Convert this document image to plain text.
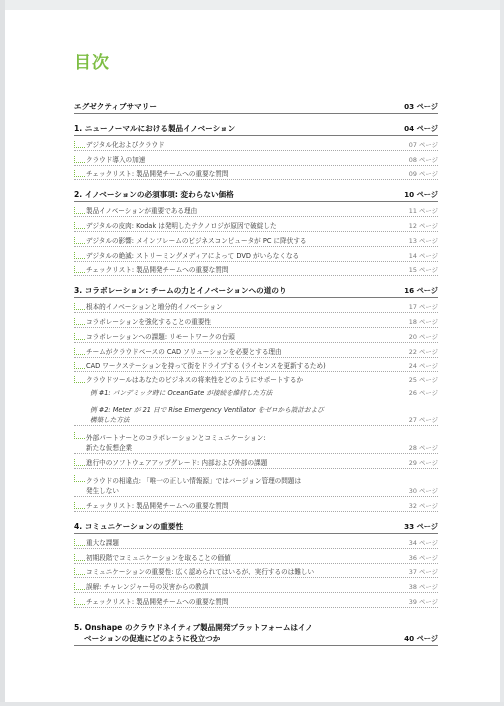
目次
エグゼクティブサマリー	03 ページ
1. ニューノーマルにおける製品イノベーション	04 ページ
デジタル化およびクラウド	07 ページ
クラウド導入の加速	08 ページ
チェックリスト: 製品開発チームへの重要な質問	09 ページ
2. イノベーションの必須事項: 変わらない価格	10 ページ
製品イノベーションが重要である理由	11 ページ
デジタルの皮肉: Kodak は発明したテクノロジが原因で破綻した	12 ページ
デジタルの影響: メインフレームのビジネスコンピュータが PC に降伏する	13 ページ
デジタルの絶滅: ストリーミングメディアによって DVD がいらなくなる	14 ページ
チェックリスト: 製品開発チームへの重要な質問	15 ページ
3. コラボレーション: チームの力とイノベーションへの道のり	16 ページ
根本的イノベーションと増分的イノベーション	17 ページ
コラボレーションを強化することの重要性	18 ページ
コラボレーションへの課題: リモートワークの台頭	20 ページ
チームがクラウドベースの CAD ソリューションを必要とする理由	22 ページ
CAD ワークステーションを持って街をドライブする (ライセンスを更新するため)	24 ページ
クラウドツールはあなたのビジネスの将来性をどのようにサポートするか	25 ページ
例 #1: パンデミック時に OceanGate が接続を維持した方法	26 ページ
例 #2: Meter が 21 日で Rise Emergency Ventilator をゼロから設計および
構築した方法	27 ページ
外部パートナーとのコラボレーションとコミュニケーション:
新たな仮想企業	28 ページ
進行中のソフトウェアアップグレード: 内部および外部の課題	29 ページ
クラウドの相違点: 「唯一の正しい情報源」ではバージョン管理の問題は
発生しない	30 ページ
チェックリスト: 製品開発チームへの重要な質問	32 ページ
4. コミュニケーションの重要性	33 ページ
重大な課題	34 ページ
初期段階でコミュニケーションを取ることの価値	36 ページ
コミュニケーションの重要性: 広く認められてはいるが、実行するのは難しい	37 ページ
誤解: チャレンジャー号の災害からの教訓	38 ページ
チェックリスト: 製品開発チームへの重要な質問	39 ページ
5. Onshape のクラウドネイティブ製品開発プラットフォームはイノ
ベーションの促進にどのように役立つか	40 ページ
